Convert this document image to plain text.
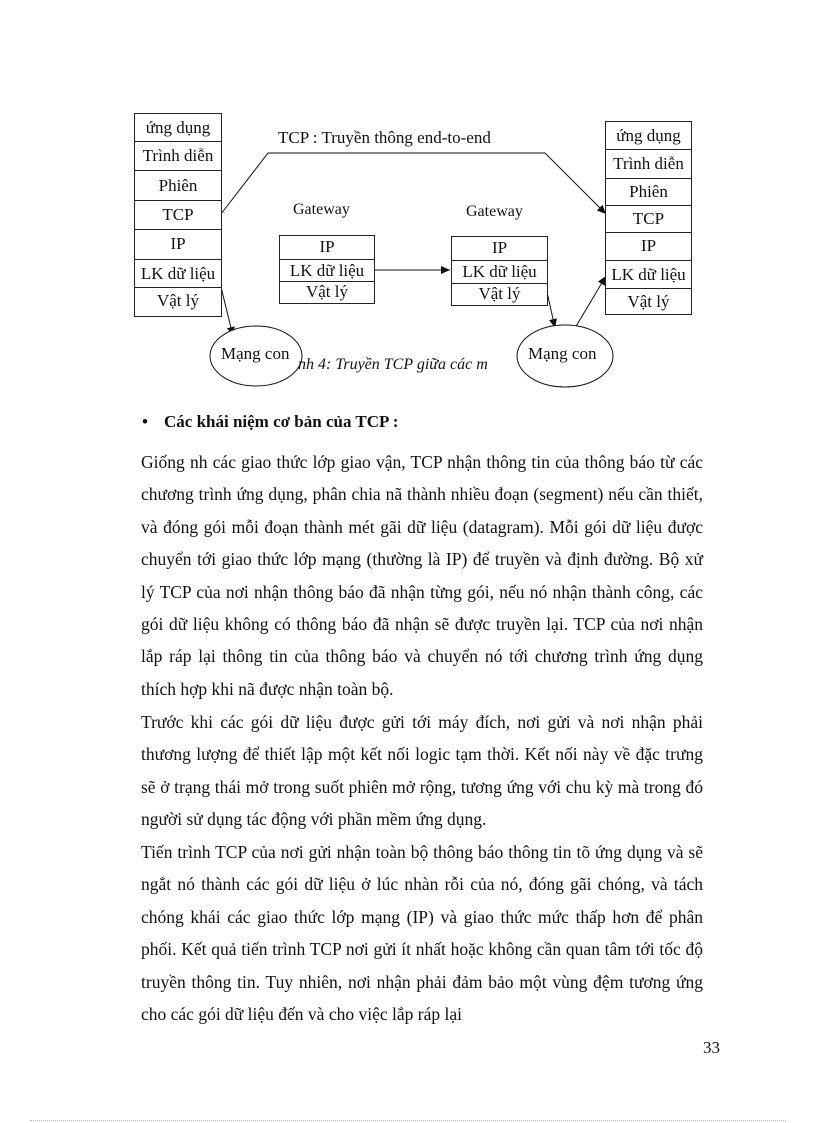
nh 4: Truyền TCP giữa các m
ứng dụng
Trình diễn
Phiên
TCP
IP
LK dữ liệu
Vật lý
ứng dụng
Trình diễn
Phiên
TCP
IP
LK dữ liệu
Vật lý
Gateway
IP
LK dữ liệu
Vật lý
Gateway
IP
LK dữ liệu
Vật lý
TCP : Truyền thông end-to-end
Mạng con	Mạng con
• Các khái niệm cơ bản của TCP :
Giống nh các giao thức lớp giao vận, TCP nhận thông tin của thông báo từ các chương trình ứng dụng, phân chia nã thành nhiều đoạn (segment) nếu cần thiết, và đóng gói mỗi đoạn thành mét gãi dữ liệu (datagram). Mỗi gói dữ liệu được chuyển tới giao thức lớp mạng (thường là IP) để truyền và định đường. Bộ xử lý TCP của nơi nhận thông báo đã nhận từng gói, nếu nó nhận thành công, các gói dữ liệu không có thông báo đã nhận sẽ được truyền lại. TCP của nơi nhận lắp ráp lại thông tin của thông báo và chuyển nó tới chương trình ứng dụng thích hợp khi nã được nhận toàn bộ.
Trước khi các gói dữ liệu được gửi tới máy đích, nơi gửi và nơi nhận phải thương lượng để thiết lập một kết nối logic tạm thời. Kết nối này về đặc trưng sẽ ở trạng thái mở trong suốt phiên mở rộng, tương ứng với chu kỳ mà trong đó người sử dụng tác động với phần mềm ứng dụng.
Tiến trình TCP của nơi gửi nhận toàn bộ thông báo thông tin tõ ứng dụng và sẽ ngắt nó thành các gói dữ liệu ở lúc nhàn rỗi của nó, đóng gãi chóng, và tách chóng khái các giao thức lớp mạng (IP) và giao thức mức thấp hơn để phân phối. Kết quả tiến trình TCP nơi gửi ít nhất hoặc không cần quan tâm tới tốc độ truyền thông tin. Tuy nhiên, nơi nhận phải đảm bảo một vùng đệm tương ứng cho các gói dữ liệu đến và cho việc lắp ráp lại
33
